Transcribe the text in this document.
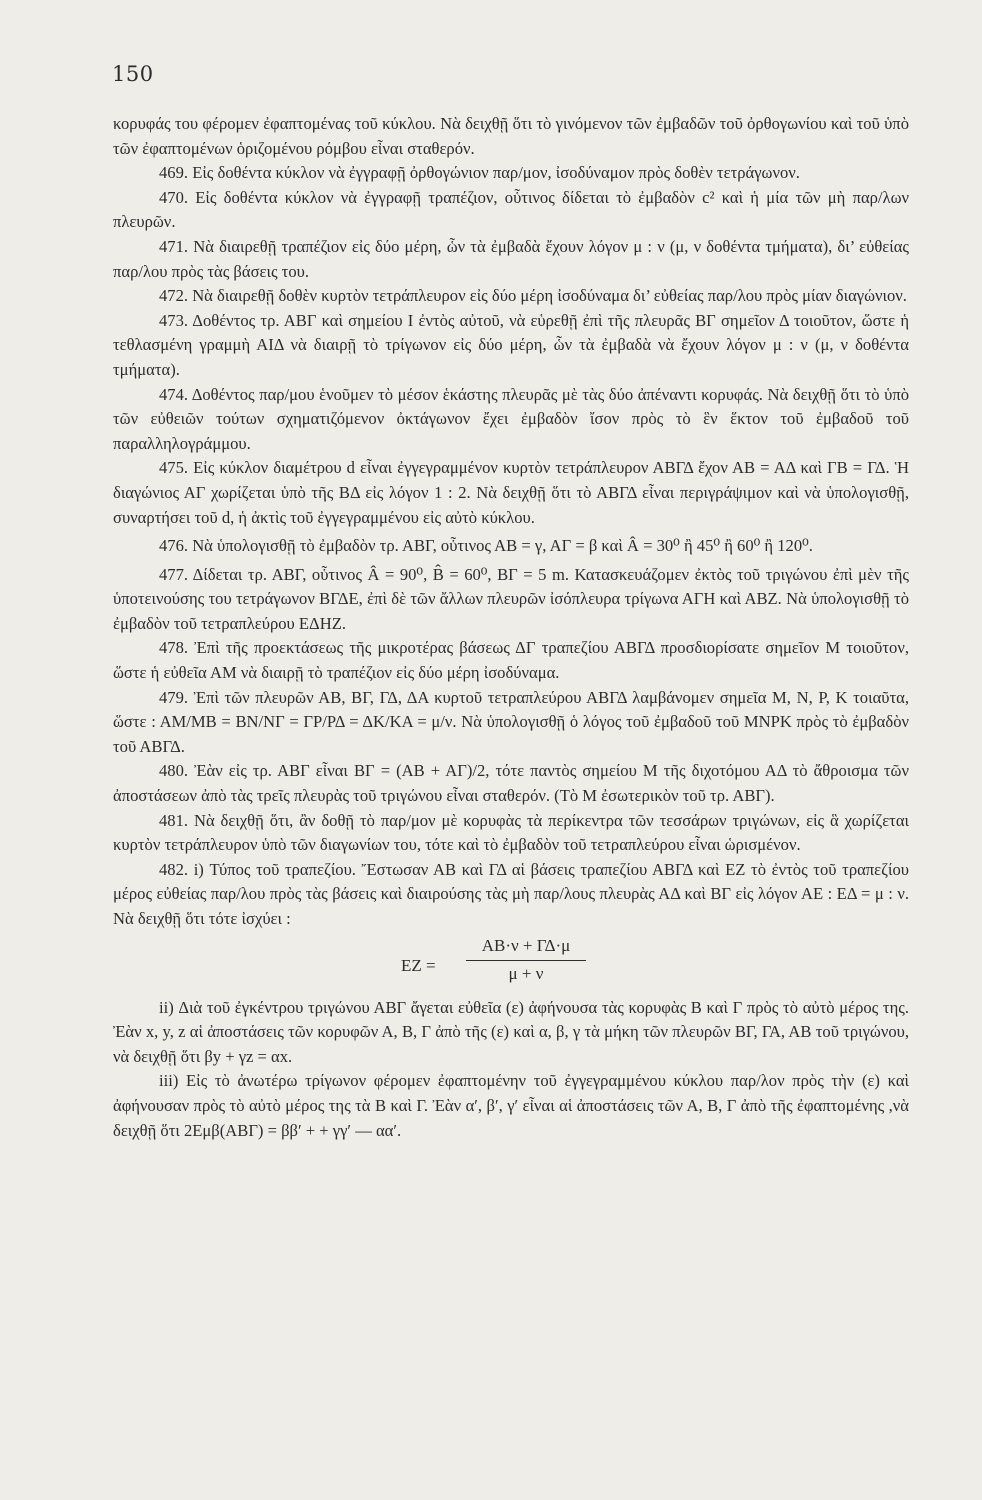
150

κορυφάς του φέρομεν ἐφαπτομένας τοῦ κύκλου. Νὰ δειχθῇ ὅτι τὸ γινόμενον τῶν ἐμβαδῶν τοῦ ὀρθογωνίου καὶ τοῦ ὑπὸ τῶν ἐφαπτομένων ὁριζομένου ρόμβου εἶναι σταθερόν.

469. Εἰς δοθέντα κύκλον νὰ ἐγγραφῇ ὀρθογώνιον παρ/μον, ἰσοδύναμον πρὸς δοθὲν τετράγωνον.

470. Εἰς δοθέντα κύκλον νὰ ἐγγραφῇ τραπέζιον, οὗτινος δίδεται τὸ ἐμβαδὸν c² καὶ ἡ μία τῶν μὴ παρ/λων πλευρῶν.

471. Νὰ διαιρεθῇ τραπέζιον εἰς δύο μέρη, ὧν τὰ ἐμβαδὰ ἔχουν λόγον μ : ν (μ, ν δοθέντα τμήματα), δι’ εὐθείας παρ/λου πρὸς τὰς βάσεις του.

472. Νὰ διαιρεθῇ δοθὲν κυρτὸν τετράπλευρον εἰς δύο μέρη ἰσοδύναμα δι’ εὐθείας παρ/λου πρὸς μίαν διαγώνιον.

473. Δοθέντος τρ. ΑΒΓ καὶ σημείου Ι ἐντὸς αὐτοῦ, νὰ εὑρεθῇ ἐπὶ τῆς πλευρᾶς ΒΓ σημεῖον Δ τοιοῦτον, ὥστε ἡ τεθλασμένη γραμμὴ ΑΙΔ νὰ διαιρῇ τὸ τρίγωνον εἰς δύο μέρη, ὧν τὰ ἐμβαδὰ νὰ ἔχουν λόγον μ : ν (μ, ν δοθέντα τμήματα).

474. Δοθέντος παρ/μου ἑνοῦμεν τὸ μέσον ἑκάστης πλευρᾶς μὲ τὰς δύο ἀπέναντι κορυφάς. Νὰ δειχθῇ ὅτι τὸ ὑπὸ τῶν εὐθειῶν τούτων σχηματιζόμενον ὀκτάγωνον ἔχει ἐμβαδὸν ἴσον πρὸς τὸ ἓν ἕκτον τοῦ ἐμβαδοῦ τοῦ παραλληλογράμμου.

475. Εἰς κύκλον διαμέτρου d εἶναι ἐγγεγραμμένον κυρτὸν τετράπλευρον ΑΒΓΔ ἔχον ΑΒ = ΑΔ καὶ ΓΒ = ΓΔ. Ἡ διαγώνιος ΑΓ χωρίζεται ὑπὸ τῆς ΒΔ εἰς λόγον 1 : 2. Νὰ δειχθῇ ὅτι τὸ ΑΒΓΔ εἶναι περιγράψιμον καὶ νὰ ὑπολογισθῇ, συναρτήσει τοῦ d, ἡ ἀκτὶς τοῦ ἐγγεγραμμένου εἰς αὐτὸ κύκλου.

476. Νὰ ὑπολογισθῇ τὸ ἐμβαδὸν τρ. ΑΒΓ, οὗτινος ΑΒ = γ, ΑΓ = β καὶ Â = 30⁰ ἢ 45⁰ ἢ 60⁰ ἢ 120⁰.

477. Δίδεται τρ. ΑΒΓ, οὗτινος Â = 90⁰, B̂ = 60⁰, ΒΓ = 5 m. Κατασκευάζομεν ἐκτὸς τοῦ τριγώνου ἐπὶ μὲν τῆς ὑποτεινούσης του τετράγωνον ΒΓΔΕ, ἐπὶ δὲ τῶν ἄλλων πλευρῶν ἰσόπλευρα τρίγωνα ΑΓΗ καὶ ΑΒΖ. Νὰ ὑπολογισθῇ τὸ ἐμβαδὸν τοῦ τετραπλεύρου ΕΔΗΖ.

478. Ἐπὶ τῆς προεκτάσεως τῆς μικροτέρας βάσεως ΔΓ τραπεζίου ΑΒΓΔ προσδιορίσατε σημεῖον Μ τοιοῦτον, ὥστε ἡ εὐθεῖα ΑΜ νὰ διαιρῇ τὸ τραπέζιον εἰς δύο μέρη ἰσοδύναμα.

479. Ἐπὶ τῶν πλευρῶν ΑΒ, ΒΓ, ΓΔ, ΔΑ κυρτοῦ τετραπλεύρου ΑΒΓΔ λαμβάνομεν σημεῖα Μ, Ν, Ρ, Κ τοιαῦτα, ὥστε : ΑΜ/ΜΒ = ΒΝ/ΝΓ = ΓΡ/ΡΔ = ΔΚ/ΚΑ = μ/ν. Νὰ ὑπολογισθῇ ὁ λόγος τοῦ ἐμβαδοῦ τοῦ ΜΝΡΚ πρὸς τὸ ἐμβαδὸν τοῦ ΑΒΓΔ.

480. Ἐὰν εἰς τρ. ΑΒΓ εἶναι ΒΓ = (ΑΒ + ΑΓ)/2, τότε παντὸς σημείου Μ τῆς διχοτόμου ΑΔ τὸ ἄθροισμα τῶν ἀποστάσεων ἀπὸ τὰς τρεῖς πλευρὰς τοῦ τριγώνου εἶναι σταθερόν. (Τὸ Μ ἐσωτερικὸν τοῦ τρ. ΑΒΓ).

481. Νὰ δειχθῇ ὅτι, ἂν δοθῇ τὸ παρ/μον μὲ κορυφὰς τὰ περίκεντρα τῶν τεσσάρων τριγώνων, εἰς ἃ χωρίζεται κυρτὸν τετράπλευρον ὑπὸ τῶν διαγωνίων του, τότε καὶ τὸ ἐμβαδὸν τοῦ τετραπλεύρου εἶναι ὡρισμένον.

482. i) Τύπος τοῦ τραπεζίου. Ἔστωσαν ΑΒ καὶ ΓΔ αἱ βάσεις τραπεζίου ΑΒΓΔ καὶ ΕΖ τὸ ἐντὸς τοῦ τραπεζίου μέρος εὐθείας παρ/λου πρὸς τὰς βάσεις καὶ διαιρούσης τὰς μὴ παρ/λους πλευρὰς ΑΔ καὶ ΒΓ εἰς λόγον ΑΕ : ΕΔ = μ : ν. Νὰ δειχθῇ ὅτι τότε ἰσχύει :

ΕΖ =
ΑΒ·ν + ΓΔ·μ
μ + ν

ii) Διὰ τοῦ ἐγκέντρου τριγώνου ΑΒΓ ἄγεται εὐθεῖα (ε) ἀφήνουσα τὰς κορυφὰς Β καὶ Γ πρὸς τὸ αὐτὸ μέρος της. Ἐὰν x, y, z αἱ ἀποστάσεις τῶν κορυφῶν Α, Β, Γ ἀπὸ τῆς (ε) καὶ α, β, γ τὰ μήκη τῶν πλευρῶν ΒΓ, ΓΑ, ΑΒ τοῦ τριγώνου, νὰ δειχθῇ ὅτι βy + γz = αx.

iii) Εἰς τὸ ἀνωτέρω τρίγωνον φέρομεν ἐφαπτομένην τοῦ ἐγγεγραμμένου κύκλου παρ/λον πρὸς τὴν (ε) καὶ ἀφήνουσαν πρὸς τὸ αὐτὸ μέρος της τὰ Β καὶ Γ. Ἐὰν α′, β′, γ′ εἶναι αἱ ἀποστάσεις τῶν Α, Β, Γ ἀπὸ τῆς ἐφαπτομένης ,νὰ δειχθῇ ὅτι 2Εμβ(ΑΒΓ) = ββ′ + + γγ′ — αα′.
